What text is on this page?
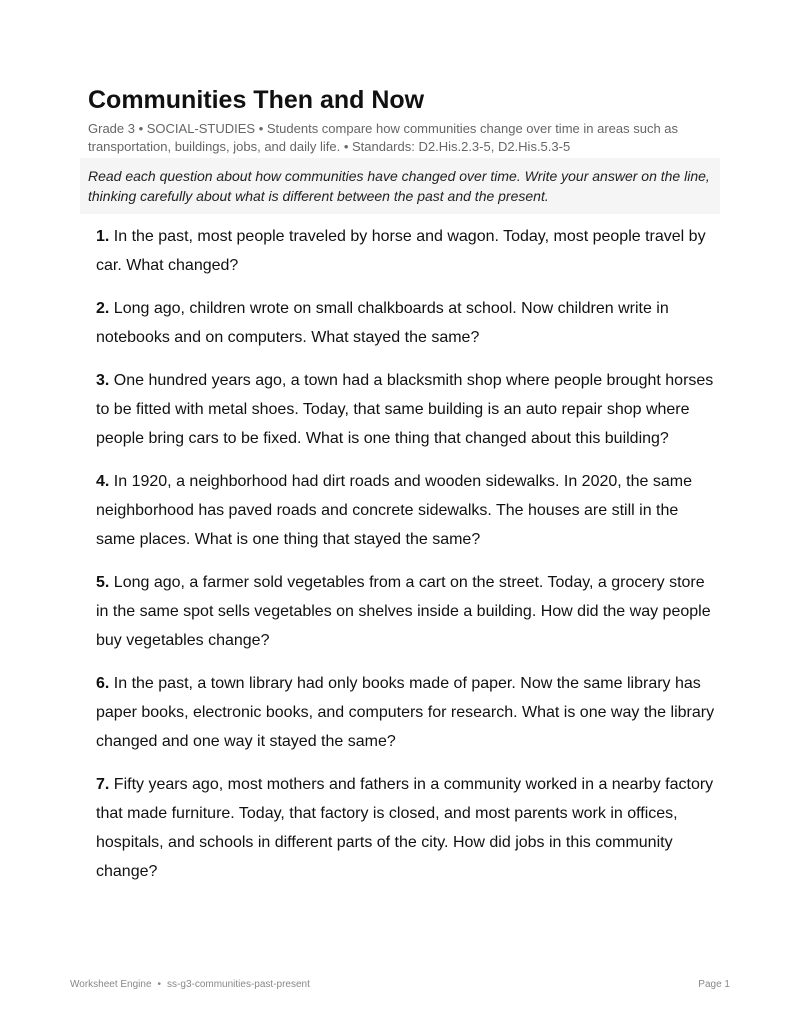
Communities Then and Now
Grade 3 • SOCIAL-STUDIES • Students compare how communities change over time in areas such as transportation, buildings, jobs, and daily life. • Standards: D2.His.2.3-5, D2.His.5.3-5
Read each question about how communities have changed over time. Write your answer on the line, thinking carefully about what is different between the past and the present.
1. In the past, most people traveled by horse and wagon. Today, most people travel by car. What changed?
2. Long ago, children wrote on small chalkboards at school. Now children write in notebooks and on computers. What stayed the same?
3. One hundred years ago, a town had a blacksmith shop where people brought horses to be fitted with metal shoes. Today, that same building is an auto repair shop where people bring cars to be fixed. What is one thing that changed about this building?
4. In 1920, a neighborhood had dirt roads and wooden sidewalks. In 2020, the same neighborhood has paved roads and concrete sidewalks. The houses are still in the same places. What is one thing that stayed the same?
5. Long ago, a farmer sold vegetables from a cart on the street. Today, a grocery store in the same spot sells vegetables on shelves inside a building. How did the way people buy vegetables change?
6. In the past, a town library had only books made of paper. Now the same library has paper books, electronic books, and computers for research. What is one way the library changed and one way it stayed the same?
7. Fifty years ago, most mothers and fathers in a community worked in a nearby factory that made furniture. Today, that factory is closed, and most parents work in offices, hospitals, and schools in different parts of the city. How did jobs in this community change?
Worksheet Engine • ss-g3-communities-past-present	Page 1
